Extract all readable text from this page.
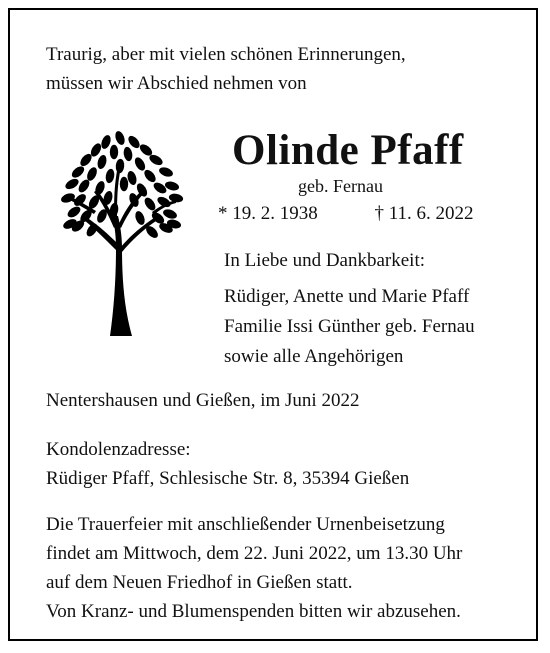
Traurig, aber mit vielen schönen Erinnerungen,
müssen wir Abschied nehmen von
Olinde Pfaff
geb. Fernau
* 19. 2. 1938	† 11. 6. 2022
In Liebe und Dankbarkeit:
Rüdiger, Anette und Marie Pfaff
Familie Issi Günther geb. Fernau
sowie alle Angehörigen
Nentershausen und Gießen, im Juni 2022
Kondolenzadresse:
Rüdiger Pfaff, Schlesische Str. 8, 35394 Gießen
Die Trauerfeier mit anschließender Urnenbeisetzung
findet am Mittwoch, dem 22. Juni 2022, um 13.30 Uhr
auf dem Neuen Friedhof in Gießen statt.
Von Kranz- und Blumenspenden bitten wir abzusehen.
